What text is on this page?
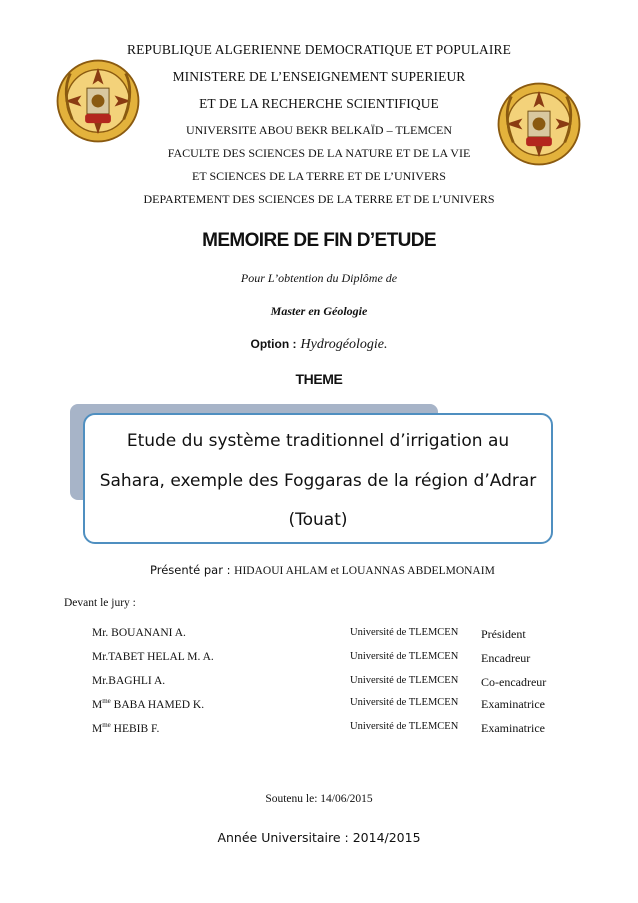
REPUBLIQUE ALGERIENNE DEMOCRATIQUE ET POPULAIRE
MINISTERE DE L’ENSEIGNEMENT SUPERIEUR
ET DE LA RECHERCHE SCIENTIFIQUE
UNIVERSITE ABOU BEKR BELKAÏD – TLEMCEN
FACULTE DES SCIENCES DE LA NATURE ET DE LA VIE
ET SCIENCES DE LA TERRE ET DE L’UNIVERS
DEPARTEMENT DES SCIENCES DE LA TERRE ET DE L’UNIVERS
MEMOIRE DE FIN D’ETUDE
Pour L’obtention du Diplôme de
Master en Géologie
Option : Hydrogéologie.
THEME
Etude du système traditionnel d’irrigation au
Sahara, exemple des Foggaras de la région d’Adrar
(Touat)
Présenté par : HIDAOUI AHLAM et LOUANNAS ABDELMONAIM
Devant le jury :
Mr. BOUANANI A.	Université de TLEMCEN Président
Mr.TABET HELAL M. A.	Université de TLEMCEN Encadreur
Mr.BAGHLI A.	Université de TLEMCEN Co-encadreur
$M^{me}$ BABA HAMED K.	Université de TLEMCEN Examinatrice
$M^{me}$ HEBIB F.	Université de TLEMCEN Examinatrice
Soutenu le: 14/06/2015
Année Universitaire : 2014/2015
